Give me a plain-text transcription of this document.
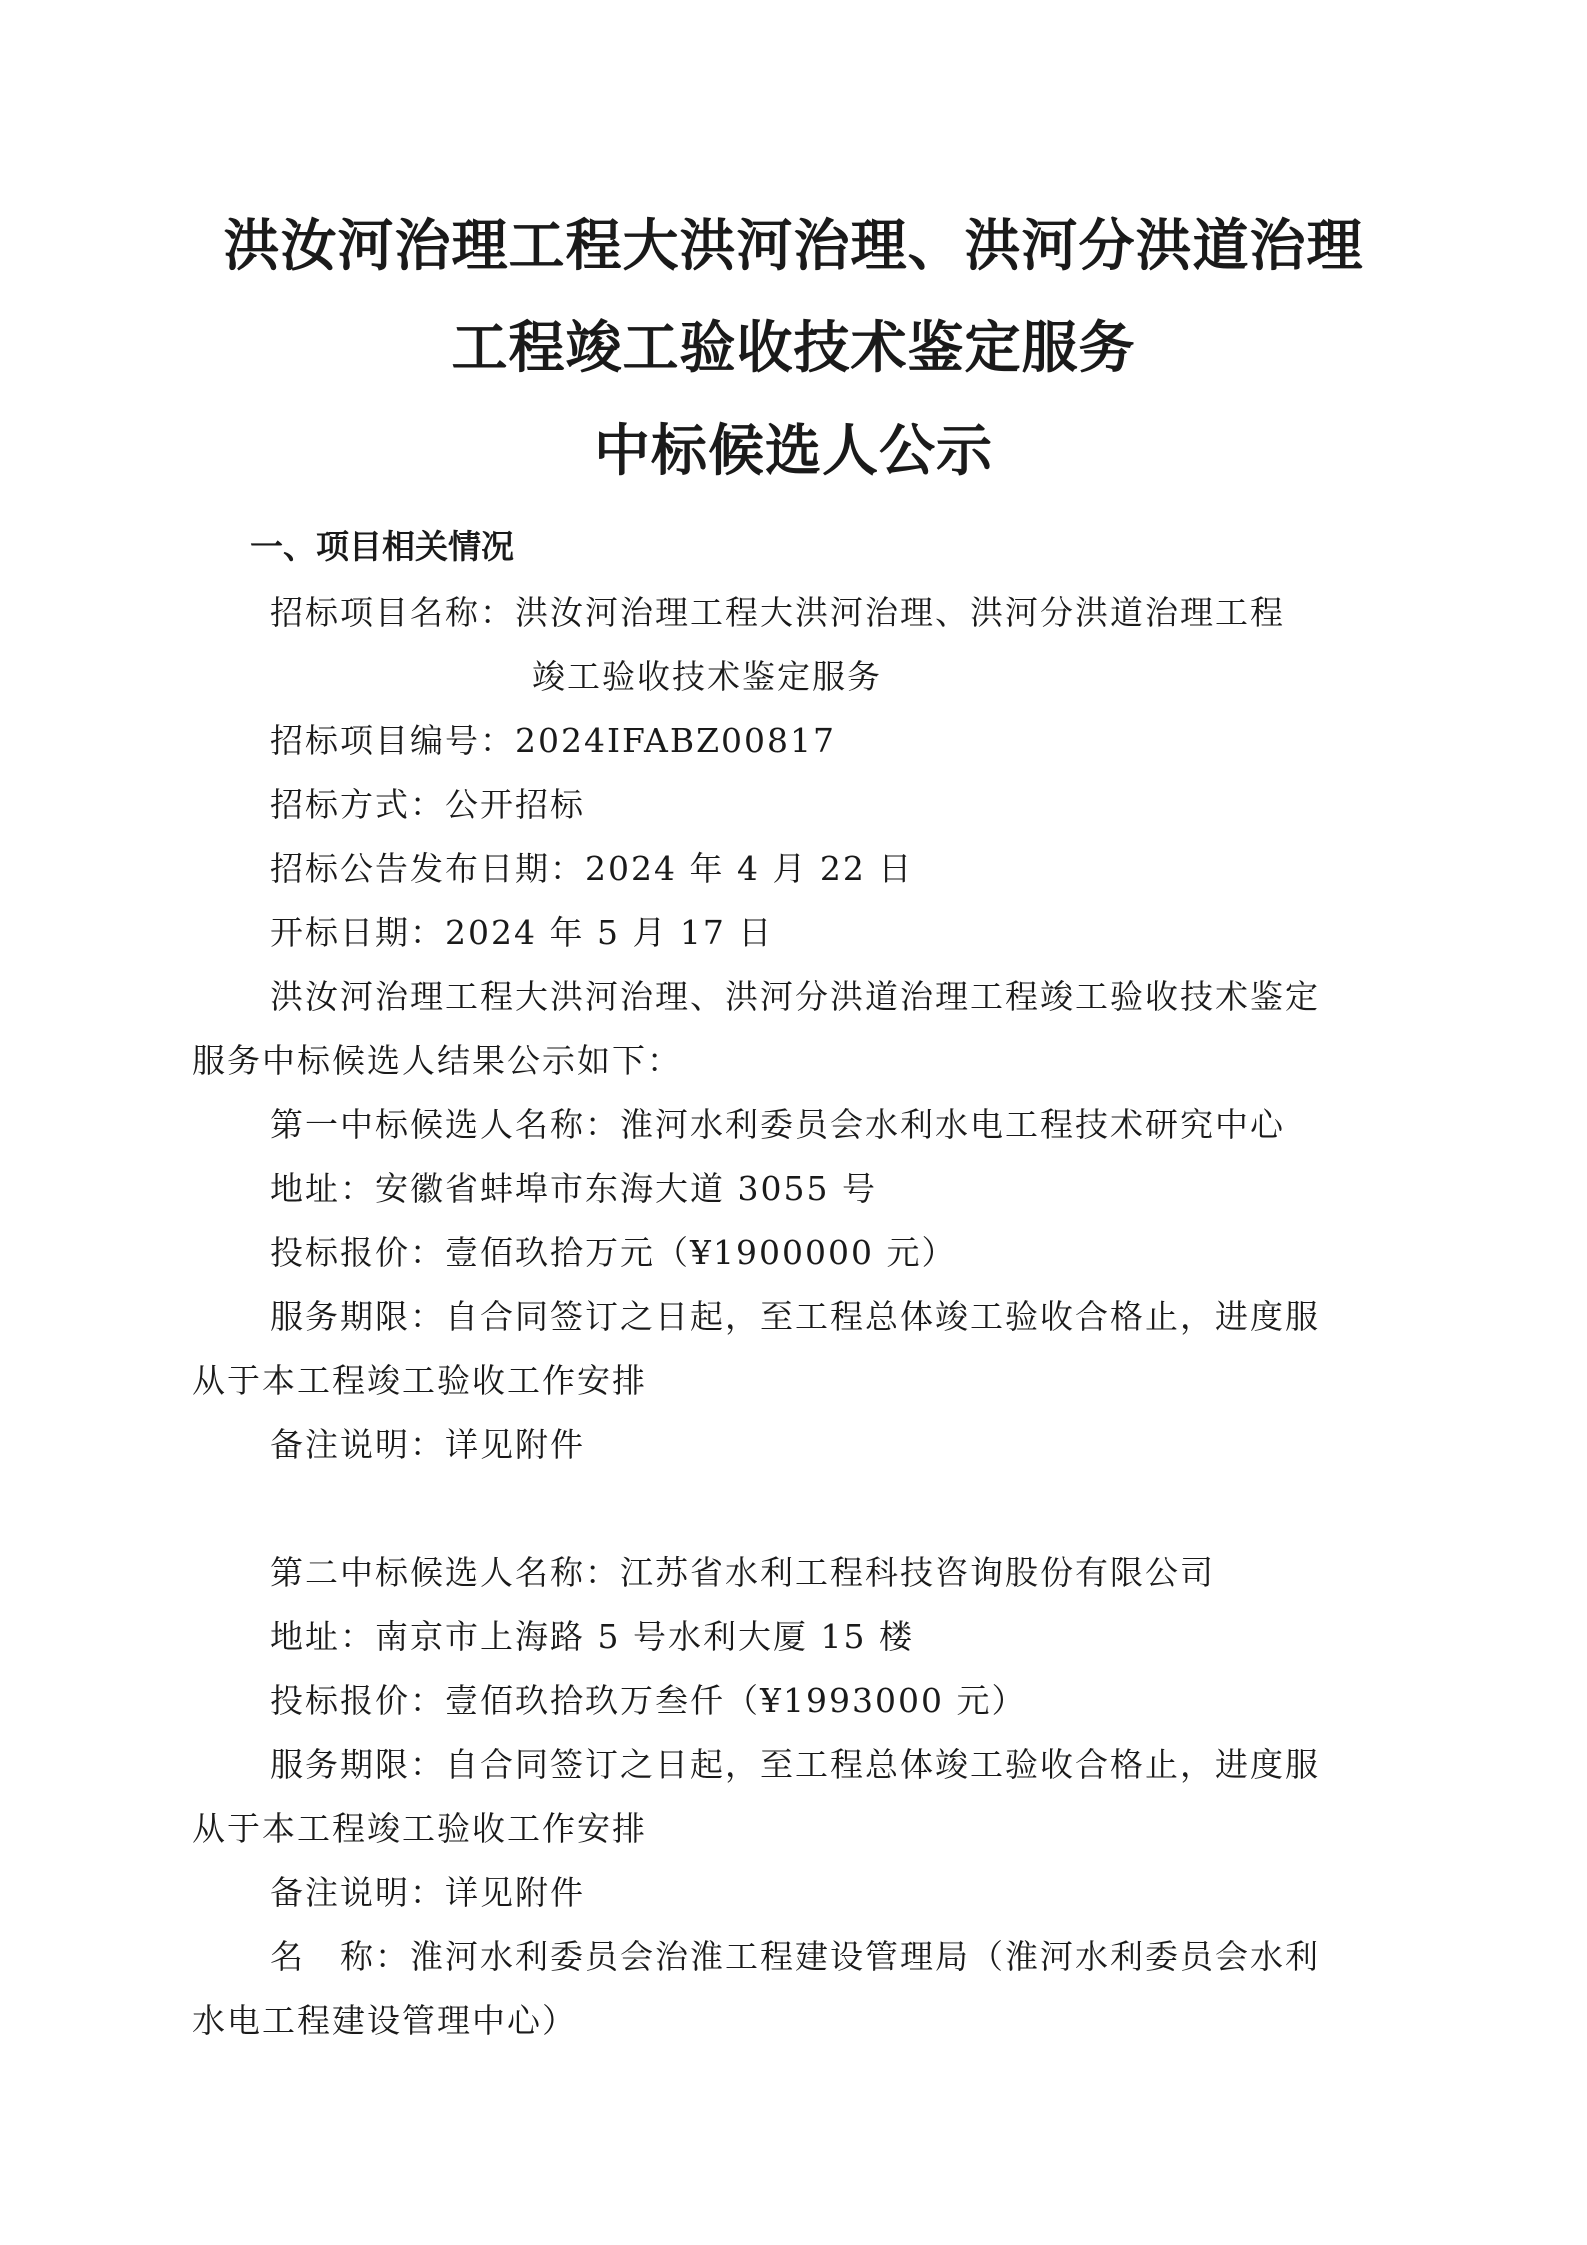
洪汝河治理工程大洪河治理、洪河分洪道治理
工程竣工验收技术鉴定服务
中标候选人公示
一、项目相关情况
招标项目名称：洪汝河治理工程大洪河治理、洪河分洪道治理工程
竣工验收技术鉴定服务
招标项目编号：2024IFABZ00817
招标方式：公开招标
招标公告发布日期：2024 年 4 月 22 日
开标日期：2024 年 5 月 17 日
洪汝河治理工程大洪河治理、洪河分洪道治理工程竣工验收技术鉴定
服务中标候选人结果公示如下：
第一中标候选人名称：淮河水利委员会水利水电工程技术研究中心
地址：安徽省蚌埠市东海大道 3055 号
投标报价：壹佰玖拾万元（¥1900000 元）
服务期限：自合同签订之日起，至工程总体竣工验收合格止，进度服
从于本工程竣工验收工作安排
备注说明：详见附件
第二中标候选人名称：江苏省水利工程科技咨询股份有限公司
地址：南京市上海路 5 号水利大厦 15 楼
投标报价：壹佰玖拾玖万叁仟（¥1993000 元）
服务期限：自合同签订之日起，至工程总体竣工验收合格止，进度服
从于本工程竣工验收工作安排
备注说明：详见附件
名　称：淮河水利委员会治淮工程建设管理局（淮河水利委员会水利
水电工程建设管理中心）
